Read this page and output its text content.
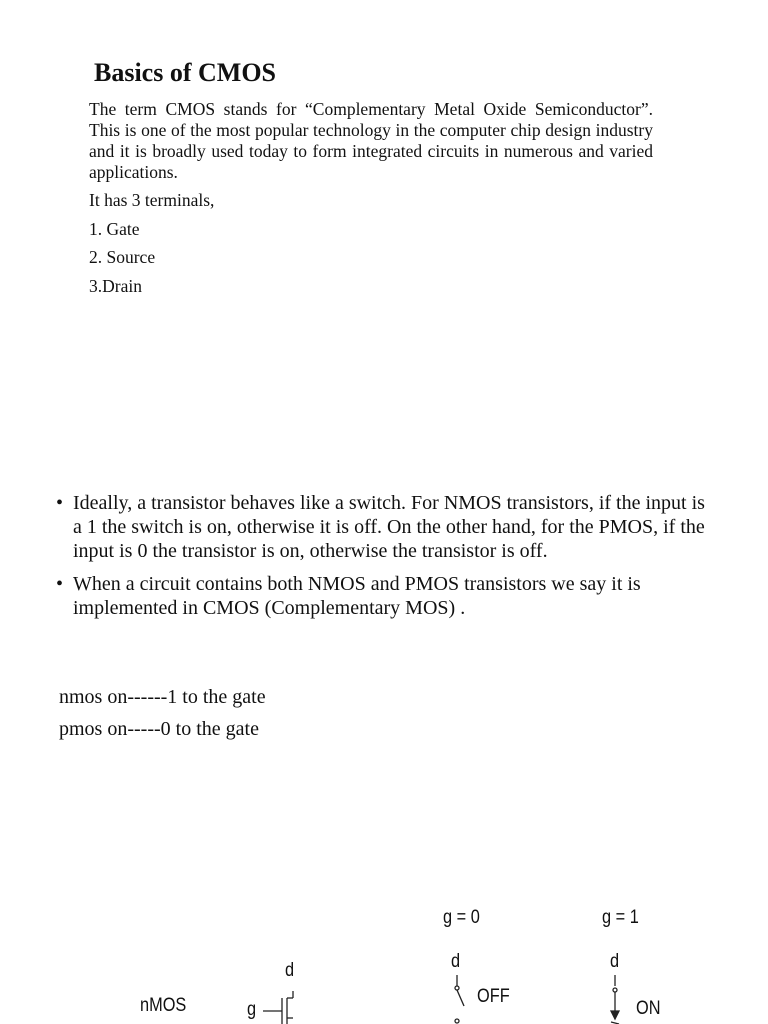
Basics of CMOS

The term CMOS stands for “Complementary Metal Oxide Semiconductor”. This is one of the most popular technology in the computer chip design industry and it is broadly used today to form integrated circuits in numerous and varied applications.

It has 3 terminals,

1. Gate

2. Source

3.Drain

• Ideally, a transistor behaves like a switch. For NMOS transistors, if the input is a 1 the switch is on, otherwise it is off. On the other hand, for the PMOS, if the input is 0 the transistor is on, otherwise the transistor is off.
• When a circuit contains both NMOS and PMOS transistors we say it is implemented in CMOS (Complementary MOS) .

nmos on------1 to the gate

pmos on-----0 to the gate

nMOS	g
d
g = 0
d
OFF
g = 1
d
ON
